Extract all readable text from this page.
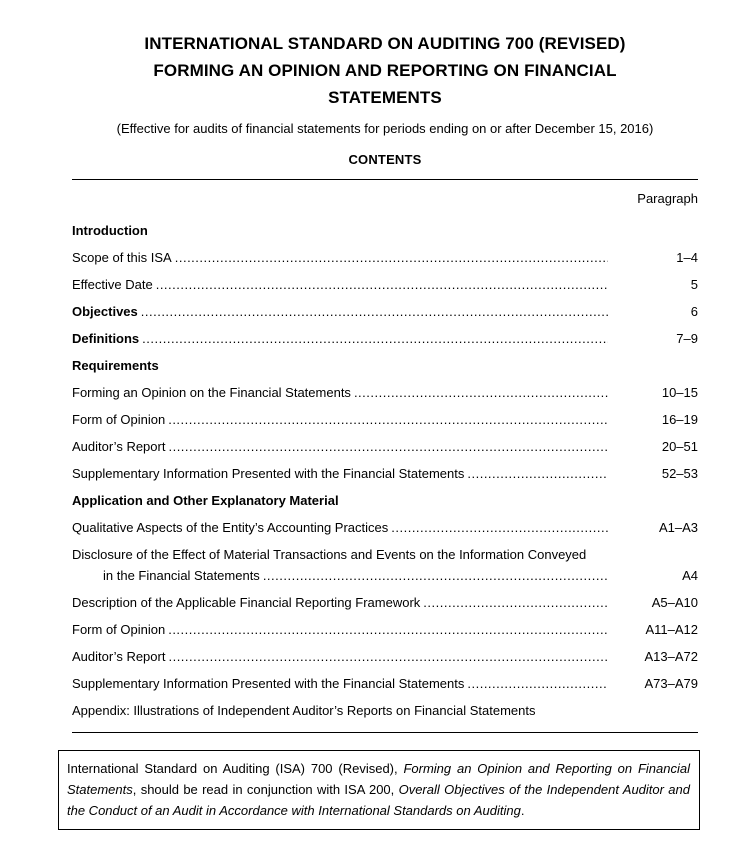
INTERNATIONAL STANDARD ON AUDITING 700 (REVISED)
FORMING AN OPINION AND REPORTING ON FINANCIAL
STATEMENTS
(Effective for audits of financial statements for periods ending on or after December 15, 2016)
CONTENTS
Paragraph
Introduction
Scope of this ISA .....	1–4
Effective Date .....	5
Objectives .....	6
Definitions .....	7–9
Requirements
Forming an Opinion on the Financial Statements .....	10–15
Form of Opinion .....	16–19
Auditor’s Report .....	20–51
Supplementary Information Presented with the Financial Statements .....	52–53
Application and Other Explanatory Material
Qualitative Aspects of the Entity’s Accounting Practices .....	A1–A3
Disclosure of the Effect of Material Transactions and Events on the Information Conveyed
in the Financial Statements .....	A4
Description of the Applicable Financial Reporting Framework .....	A5–A10
Form of Opinion .....	A11–A12
Auditor’s Report .....	A13–A72
Supplementary Information Presented with the Financial Statements .....	A73–A79
Appendix: Illustrations of Independent Auditor’s Reports on Financial Statements
International Standard on Auditing (ISA) 700 (Revised), Forming an Opinion and Reporting on Financial Statements, should be read in conjunction with ISA 200, Overall Objectives of the Independent Auditor and the Conduct of an Audit in Accordance with International Standards on Auditing.
